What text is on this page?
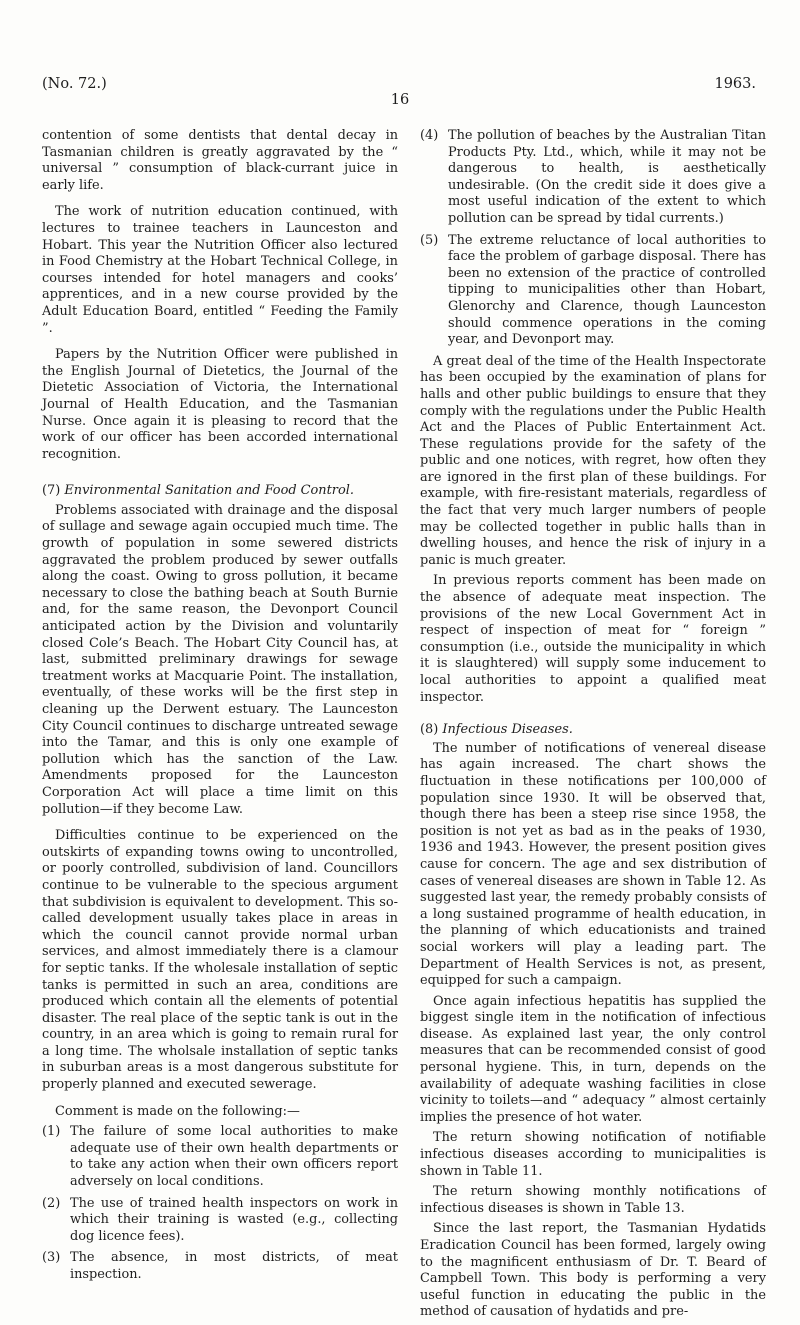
(No. 72.)
16
1963.

contention of some dentists that dental decay in Tasmanian children is greatly aggravated by the “ universal ” consumption of black-currant juice in early life.

The work of nutrition education continued, with lectures to trainee teachers in Launceston and Hobart. This year the Nutrition Officer also lectured in Food Chemistry at the Hobart Technical College, in courses intended for hotel managers and cooks’ apprentices, and in a new course provided by the Adult Education Board, entitled “ Feeding the Family ”.

Papers by the Nutrition Officer were published in the English Journal of Dietetics, the Journal of the Dietetic Association of Victoria, the International Journal of Health Education, and the Tasmanian Nurse. Once again it is pleasing to record that the work of our officer has been accorded international recognition.

(7) Environmental Sanitation and Food Control.

Problems associated with drainage and the disposal of sullage and sewage again occupied much time. The growth of population in some sewered districts aggravated the problem produced by sewer outfalls along the coast. Owing to gross pollution, it became necessary to close the bathing beach at South Burnie and, for the same reason, the Devonport Council anticipated action by the Division and voluntarily closed Cole’s Beach. The Hobart City Council has, at last, submitted preliminary drawings for sewage treatment works at Macquarie Point. The installation, eventually, of these works will be the first step in cleaning up the Derwent estuary. The Launceston City Council continues to discharge untreated sewage into the Tamar, and this is only one example of pollution which has the sanction of the Law. Amendments proposed for the Launceston Corporation Act will place a time limit on this pollution—if they become Law.

Difficulties continue to be experienced on the outskirts of expanding towns owing to uncontrolled, or poorly controlled, subdivision of land. Councillors continue to be vulnerable to the specious argument that subdivision is equivalent to development. This so-called development usually takes place in areas in which the council cannot provide normal urban services, and almost immediately there is a clamour for septic tanks. If the wholesale installation of septic tanks is permitted in such an area, conditions are produced which contain all the elements of potential disaster. The real place of the septic tank is out in the country, in an area which is going to remain rural for a long time. The wholsale installation of septic tanks in suburban areas is a most dangerous substitute for properly planned and executed sewerage.

Comment is made on the following:—

(1) The failure of some local authorities to make adequate use of their own health departments or to take any action when their own officers report adversely on local conditions.
(2) The use of trained health inspectors on work in which their training is wasted (e.g., collecting dog licence fees).
(3) The absence, in most districts, of meat inspection.
(4) The pollution of beaches by the Australian Titan Products Pty. Ltd., which, while it may not be dangerous to health, is aesthetically undesirable. (On the credit side it does give a most useful indication of the extent to which pollution can be spread by tidal currents.)
(5) The extreme reluctance of local authorities to face the problem of garbage disposal. There has been no extension of the practice of controlled tipping to municipalities other than Hobart, Glenorchy and Clarence, though Launceston should commence operations in the coming year, and Devonport may.

A great deal of the time of the Health Inspectorate has been occupied by the examination of plans for halls and other public buildings to ensure that they comply with the regulations under the Public Health Act and the Places of Public Entertainment Act. These regulations provide for the safety of the public and one notices, with regret, how often they are ignored in the first plan of these buildings. For example, with fire-resistant materials, regardless of the fact that very much larger numbers of people may be collected together in public halls than in dwelling houses, and hence the risk of injury in a panic is much greater.

In previous reports comment has been made on the absence of adequate meat inspection. The provisions of the new Local Government Act in respect of inspection of meat for “ foreign ” consumption (i.e., outside the municipality in which it is slaughtered) will supply some inducement to local authorities to appoint a qualified meat inspector.

(8) Infectious Diseases.

The number of notifications of venereal disease has again increased. The chart shows the fluctuation in these notifications per 100,000 of population since 1930. It will be observed that, though there has been a steep rise since 1958, the position is not yet as bad as in the peaks of 1930, 1936 and 1943. However, the present position gives cause for concern. The age and sex distribution of cases of venereal diseases are shown in Table 12. As suggested last year, the remedy probably consists of a long sustained programme of health education, in the planning of which educationists and trained social workers will play a leading part. The Department of Health Services is not, as present, equipped for such a campaign.

Once again infectious hepatitis has supplied the biggest single item in the notification of infectious disease. As explained last year, the only control measures that can be recommended consist of good personal hygiene. This, in turn, depends on the availability of adequate washing facilities in close vicinity to toilets—and “ adequacy ” almost certainly implies the presence of hot water.

The return showing notification of notifiable infectious diseases according to municipalities is shown in Table 11.

The return showing monthly notifications of infectious diseases is shown in Table 13.

Since the last report, the Tasmanian Hydatids Eradication Council has been formed, largely owing to the magnificent enthusiasm of Dr. T. Beard of Campbell Town. This body is performing a very useful function in educating the public in the method of causation of hydatids and pre-
